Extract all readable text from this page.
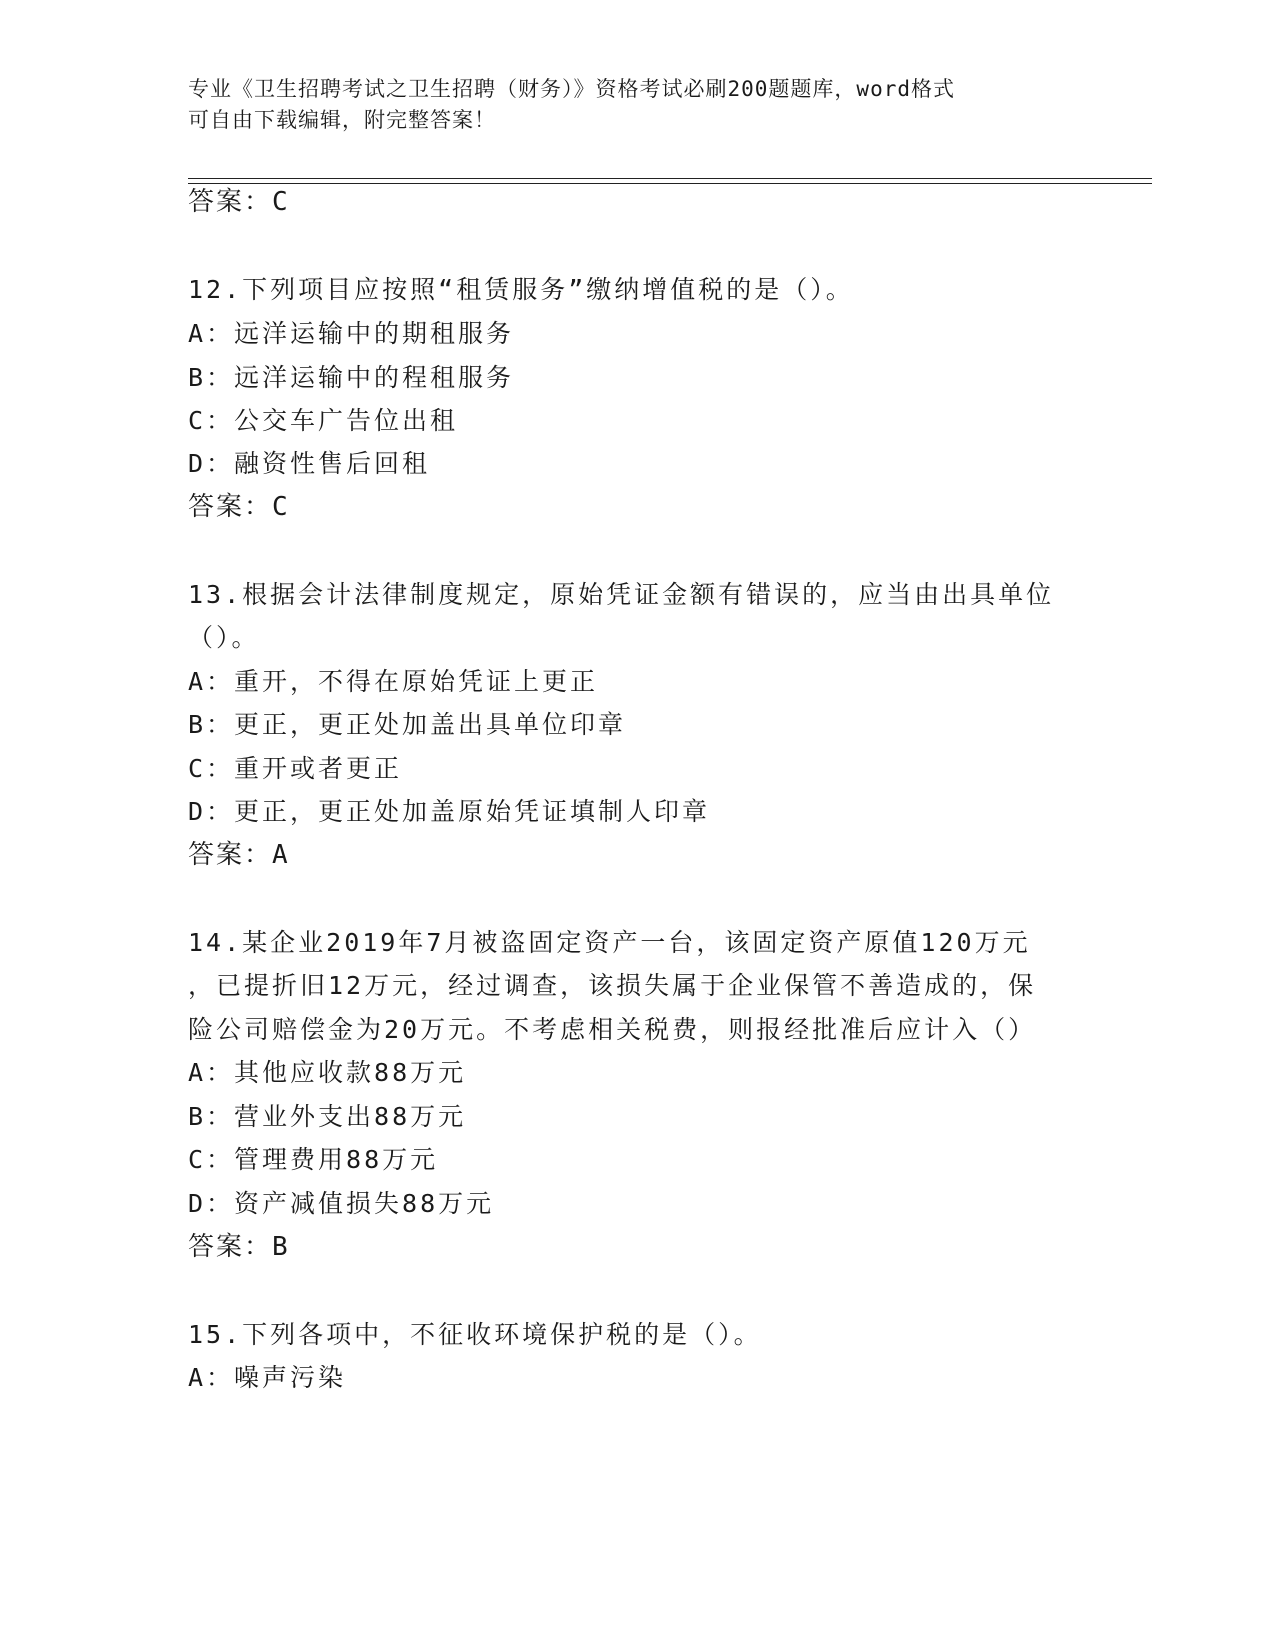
专业《卫生招聘考试之卫生招聘（财务）》资格考试必刷200题题库，word格式
可自由下载编辑，附完整答案！
答案：C
12.下列项目应按照“租赁服务”缴纳增值税的是（）。
A：远洋运输中的期租服务
B：远洋运输中的程租服务
C：公交车广告位出租
D：融资性售后回租
答案：C
13.根据会计法律制度规定，原始凭证金额有错误的，应当由出具单位
（）。
A：重开，不得在原始凭证上更正
B：更正，更正处加盖出具单位印章
C：重开或者更正
D：更正，更正处加盖原始凭证填制人印章
答案：A
14.某企业2019年7月被盗固定资产一台，该固定资产原值120万元
，已提折旧12万元，经过调查，该损失属于企业保管不善造成的，保
险公司赔偿金为20万元。不考虑相关税费，则报经批准后应计入（）
A：其他应收款88万元
B：营业外支出88万元
C：管理费用88万元
D：资产减值损失88万元
答案：B
15.下列各项中，不征收环境保护税的是（）。
A：噪声污染
